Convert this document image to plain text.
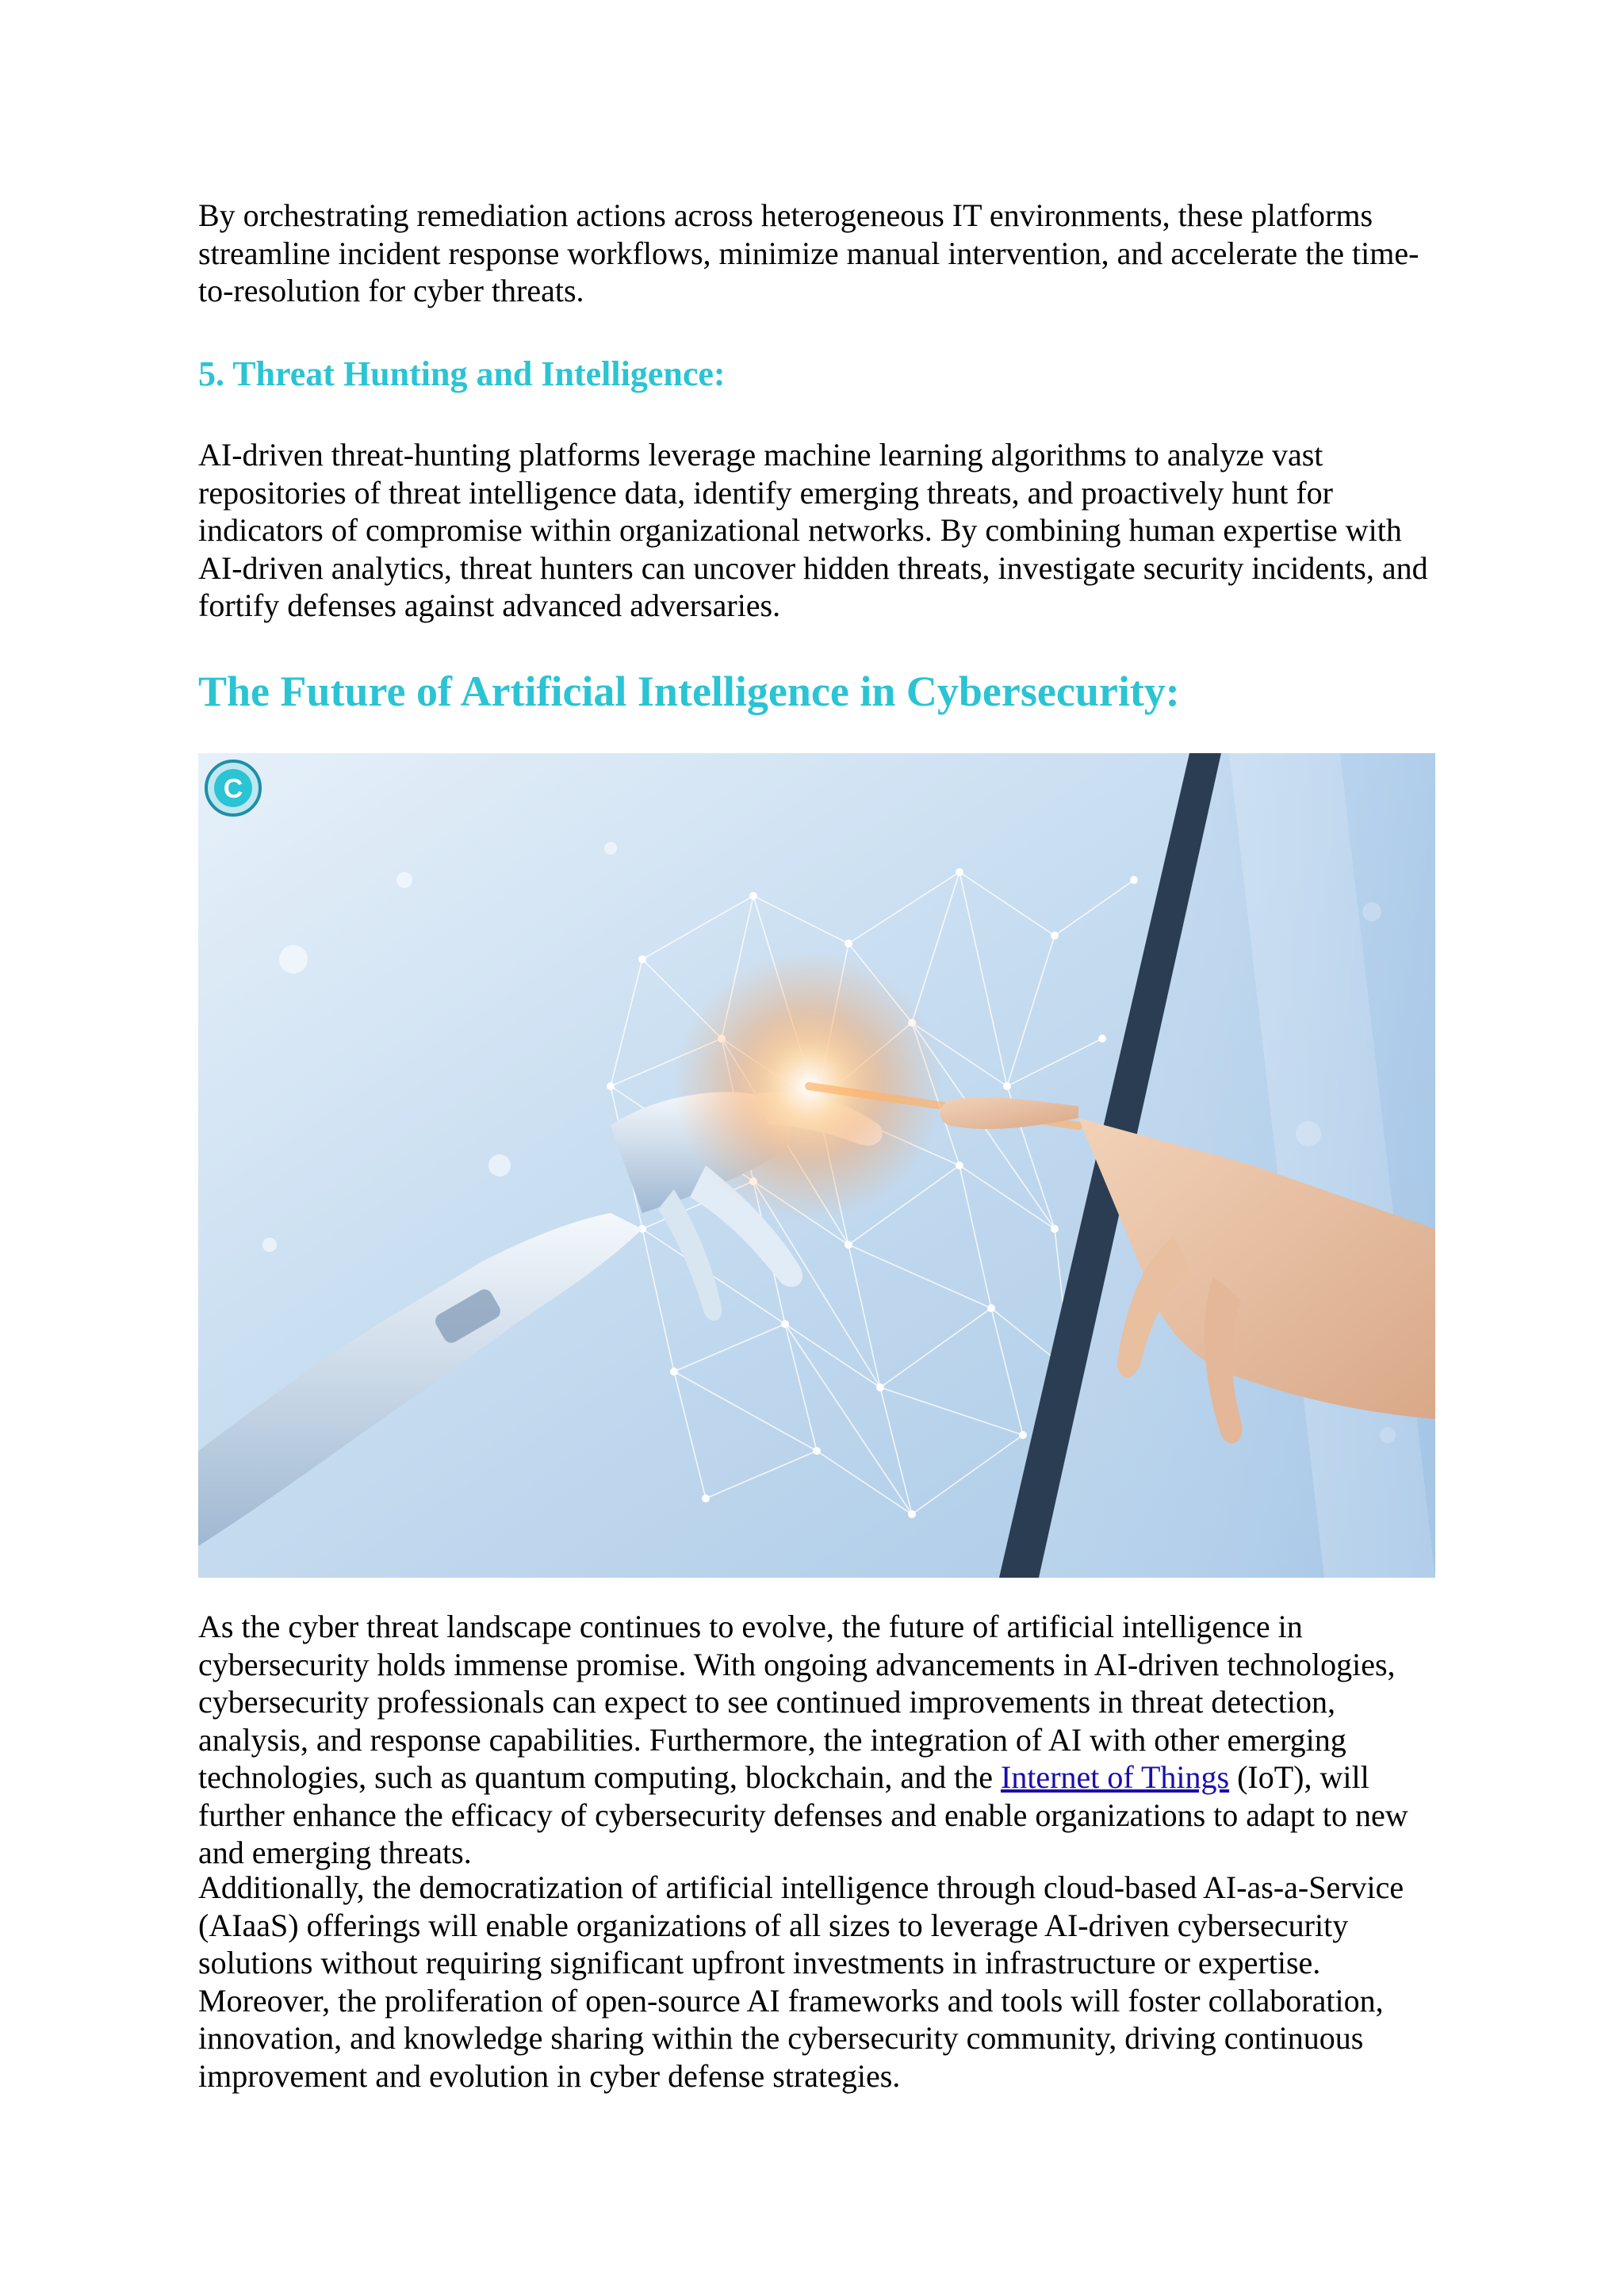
By orchestrating remediation actions across heterogeneous IT environments, these platforms streamline incident response workflows, minimize manual intervention, and accelerate the time-to-resolution for cyber threats.

5. Threat Hunting and Intelligence:

AI-driven threat-hunting platforms leverage machine learning algorithms to analyze vast repositories of threat intelligence data, identify emerging threats, and proactively hunt for indicators of compromise within organizational networks. By combining human expertise with AI-driven analytics, threat hunters can uncover hidden threats, investigate security incidents, and fortify defenses against advanced adversaries.

The Future of Artificial Intelligence in Cybersecurity:
C

As the cyber threat landscape continues to evolve, the future of artificial intelligence in cybersecurity holds immense promise. With ongoing advancements in AI-driven technologies, cybersecurity professionals can expect to see continued improvements in threat detection, analysis, and response capabilities. Furthermore, the integration of AI with other emerging technologies, such as quantum computing, blockchain, and the Internet of Things (IoT), will further enhance the efficacy of cybersecurity defenses and enable organizations to adapt to new and emerging threats.

Additionally, the democratization of artificial intelligence through cloud-based AI-as-a-Service (AIaaS) offerings will enable organizations of all sizes to leverage AI-driven cybersecurity solutions without requiring significant upfront investments in infrastructure or expertise. Moreover, the proliferation of open-source AI frameworks and tools will foster collaboration, innovation, and knowledge sharing within the cybersecurity community, driving continuous improvement and evolution in cyber defense strategies.
